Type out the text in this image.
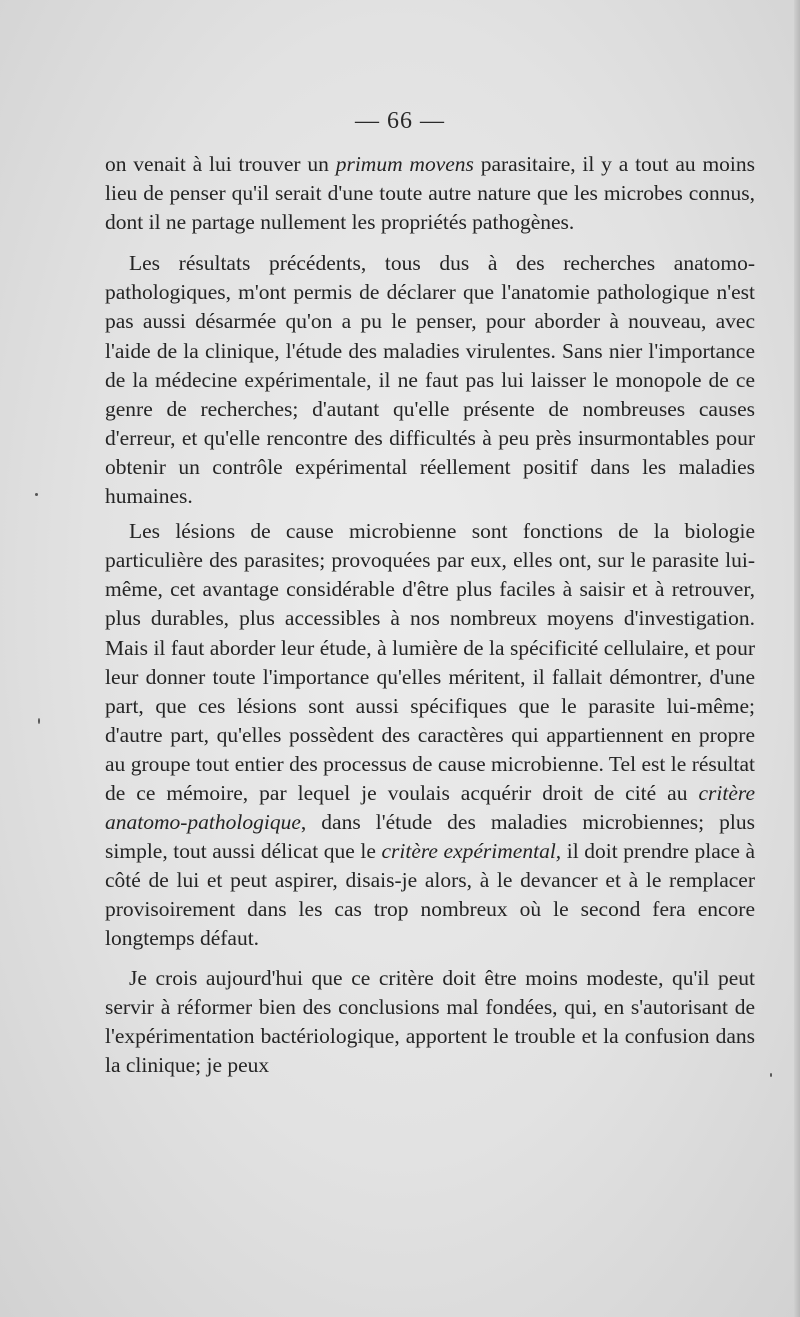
— 66 —

on venait à lui trouver un primum movens parasitaire, il y a tout au moins lieu de penser qu'il serait d'une toute autre nature que les microbes connus, dont il ne partage nullement les propriétés pathogènes.

Les résultats précédents, tous dus à des recherches anatomo-pathologiques, m'ont permis de déclarer que l'anatomie pathologique n'est pas aussi désarmée qu'on a pu le penser, pour aborder à nouveau, avec l'aide de la clinique, l'étude des maladies virulentes. Sans nier l'importance de la médecine expérimentale, il ne faut pas lui laisser le monopole de ce genre de recherches; d'autant qu'elle présente de nombreuses causes d'erreur, et qu'elle rencontre des difficultés à peu près insurmontables pour obtenir un contrôle expérimental réellement positif dans les maladies humaines.

Les lésions de cause microbienne sont fonctions de la biologie particulière des parasites; provoquées par eux, elles ont, sur le parasite lui-même, cet avantage considérable d'être plus faciles à saisir et à retrouver, plus durables, plus accessibles à nos nombreux moyens d'investigation. Mais il faut aborder leur étude, à lumière de la spécificité cellulaire, et pour leur donner toute l'importance qu'elles méritent, il fallait démontrer, d'une part, que ces lésions sont aussi spécifiques que le parasite lui-même; d'autre part, qu'elles possèdent des caractères qui appartiennent en propre au groupe tout entier des processus de cause microbienne. Tel est le résultat de ce mémoire, par lequel je voulais acquérir droit de cité au critère anatomo-pathologique, dans l'étude des maladies microbiennes; plus simple, tout aussi délicat que le critère expérimental, il doit prendre place à côté de lui et peut aspirer, disais-je alors, à le devancer et à le remplacer provisoirement dans les cas trop nombreux où le second fera encore longtemps défaut.

Je crois aujourd'hui que ce critère doit être moins modeste, qu'il peut servir à réformer bien des conclusions mal fondées, qui, en s'autorisant de l'expérimentation bactériologique, apportent le trouble et la confusion dans la clinique; je peux
